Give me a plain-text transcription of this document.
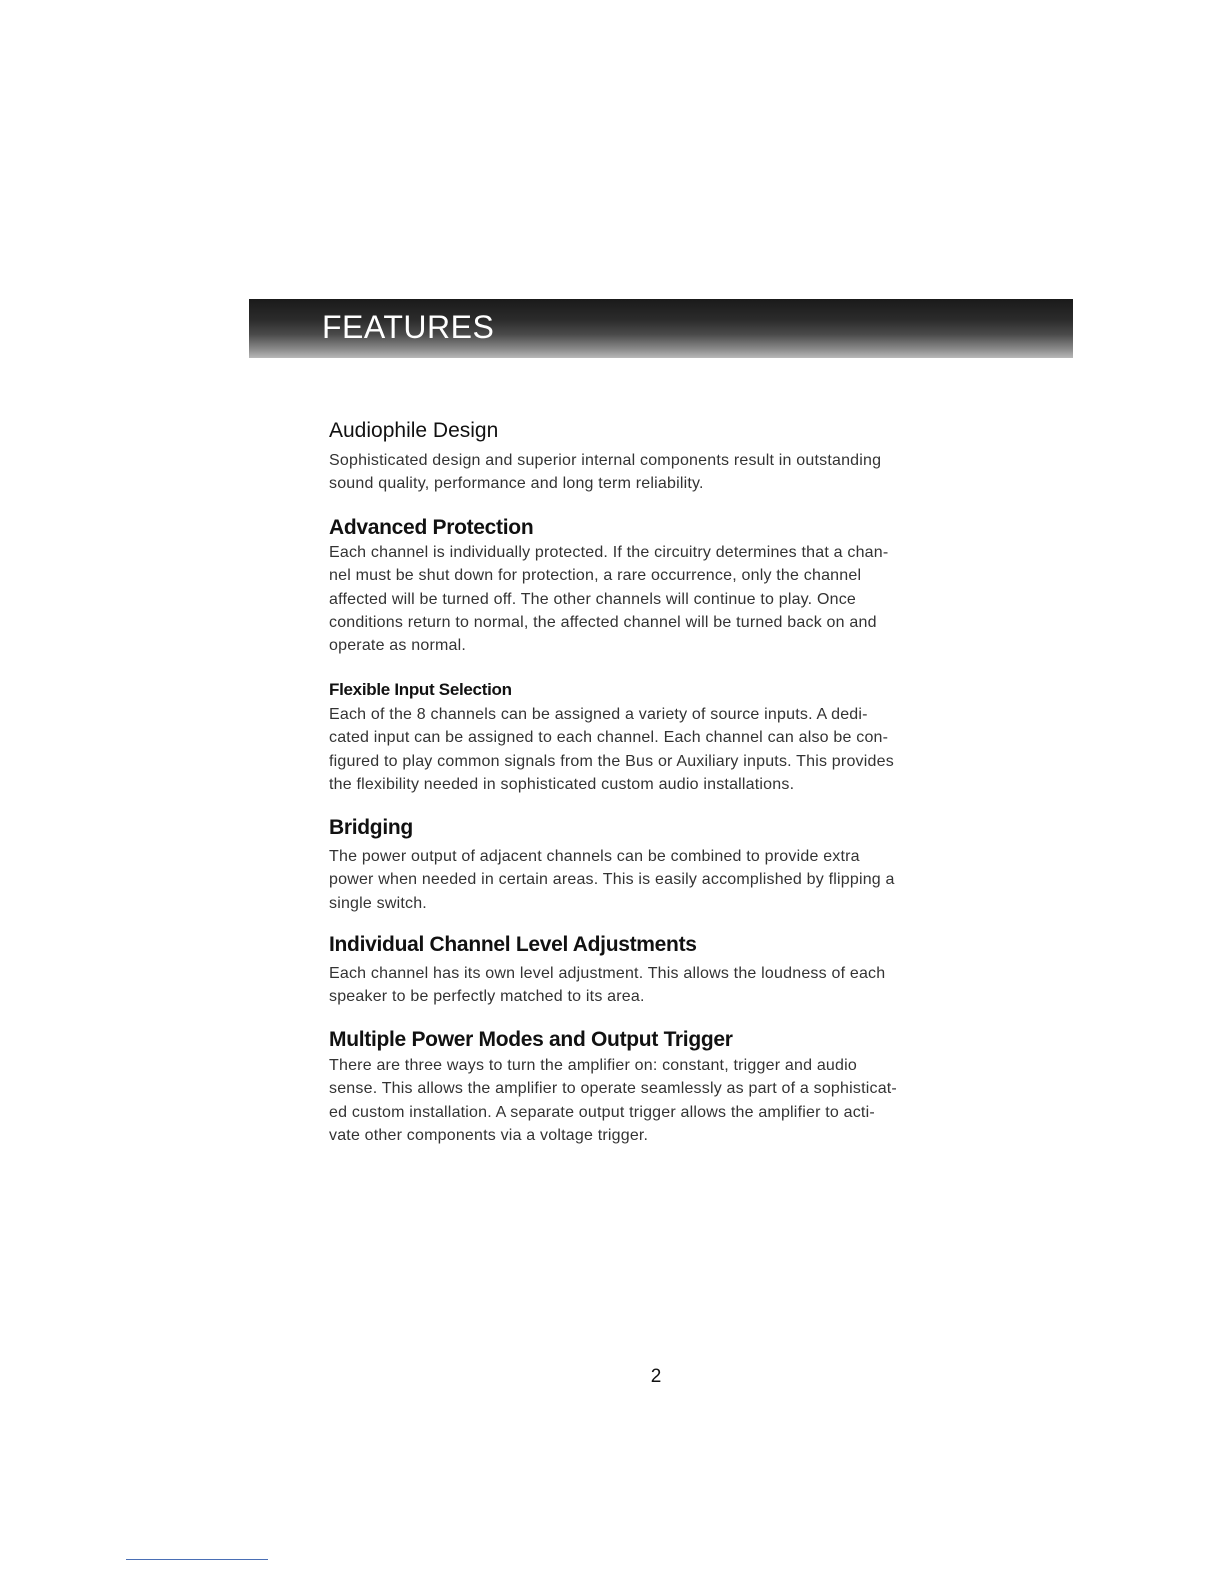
FEATURES
Audiophile Design

Sophisticated design and superior internal components result in outstanding
sound quality, performance and long term reliability.

Advanced Protection

Each channel is individually protected. If the circuitry determines that a chan-
nel must be shut down for protection, a rare occurrence, only the channel
affected will be turned off. The other channels will continue to play. Once
conditions return to normal, the affected channel will be turned back on and
operate as normal.

Flexible Input Selection

Each of the 8 channels can be assigned a variety of source inputs. A dedi-
cated input can be assigned to each channel. Each channel can also be con-
figured to play common signals from the Bus or Auxiliary inputs. This provides
the flexibility needed in sophisticated custom audio installations.

Bridging

The power output of adjacent channels can be combined to provide extra
power when needed in certain areas. This is easily accomplished by flipping a
single switch.

Individual Channel Level Adjustments

Each channel has its own level adjustment. This allows the loudness of each
speaker to be perfectly matched to its area.

Multiple Power Modes and Output Trigger

There are three ways to turn the amplifier on: constant, trigger and audio
sense. This allows the amplifier to operate seamlessly as part of a sophisticat-
ed custom installation. A separate output trigger allows the amplifier to acti-
vate other components via a voltage trigger.

2
